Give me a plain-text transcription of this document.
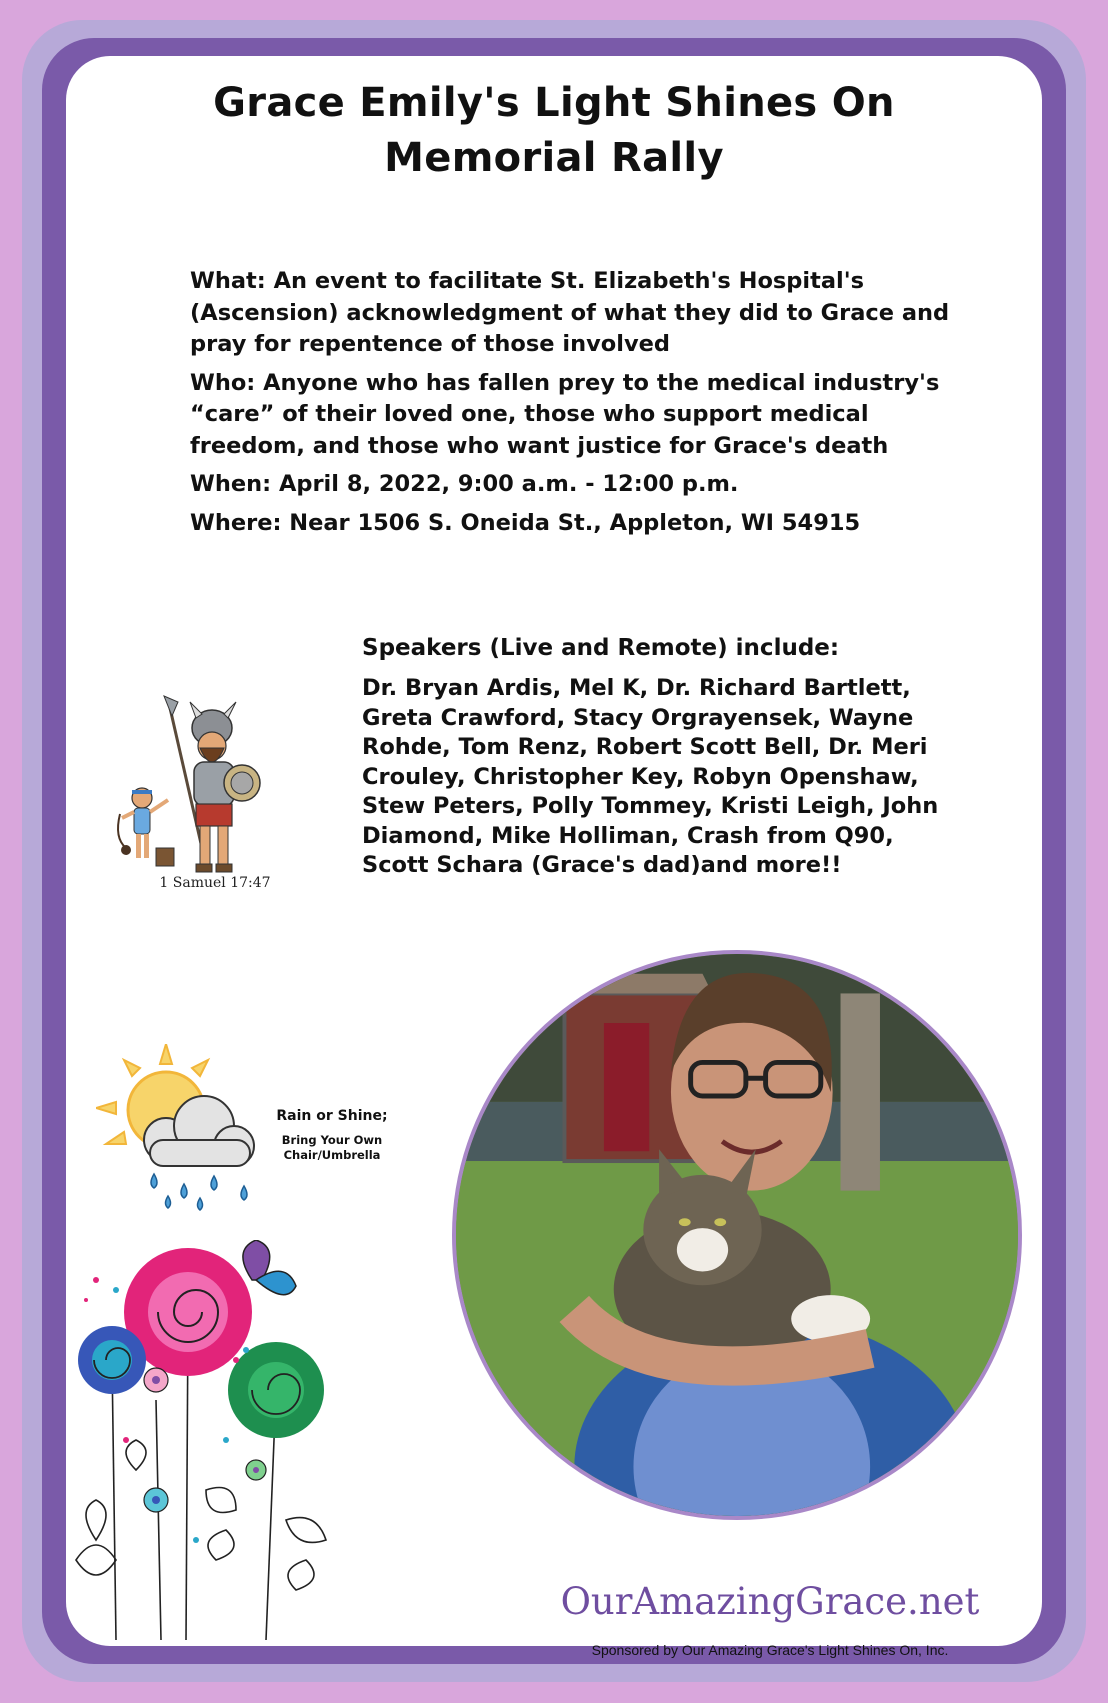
Grace Emily's Light Shines On
Memorial Rally

What: An event to facilitate St. Elizabeth's Hospital's (Ascension) acknowledgment of what they did to Grace and pray for repentence of those involved

Who: Anyone who has fallen prey to the medical industry's “care” of their loved one, those who support medical freedom, and those who want justice for Grace's death

When: April 8, 2022, 9:00 a.m. - 12:00 p.m.

Where: Near 1506 S. Oneida St., Appleton, WI 54915

Speakers (Live and Remote) include:
Dr. Bryan Ardis, Mel K, Dr. Richard Bartlett, Greta Crawford, Stacy Orgrayensek, Wayne Rohde, Tom Renz, Robert Scott Bell, Dr. Meri Crouley, Christopher Key, Robyn Openshaw, Stew Peters, Polly Tommey, Kristi Leigh, John Diamond, Mike Holliman, Crash from Q90, Scott Schara (Grace's dad)and more!!
1 Samuel 17:47
Rain or Shine;
Bring Your Own Chair/Umbrella
OurAmazingGrace.net
Sponsored by Our Amazing Grace's Light Shines On, Inc.
